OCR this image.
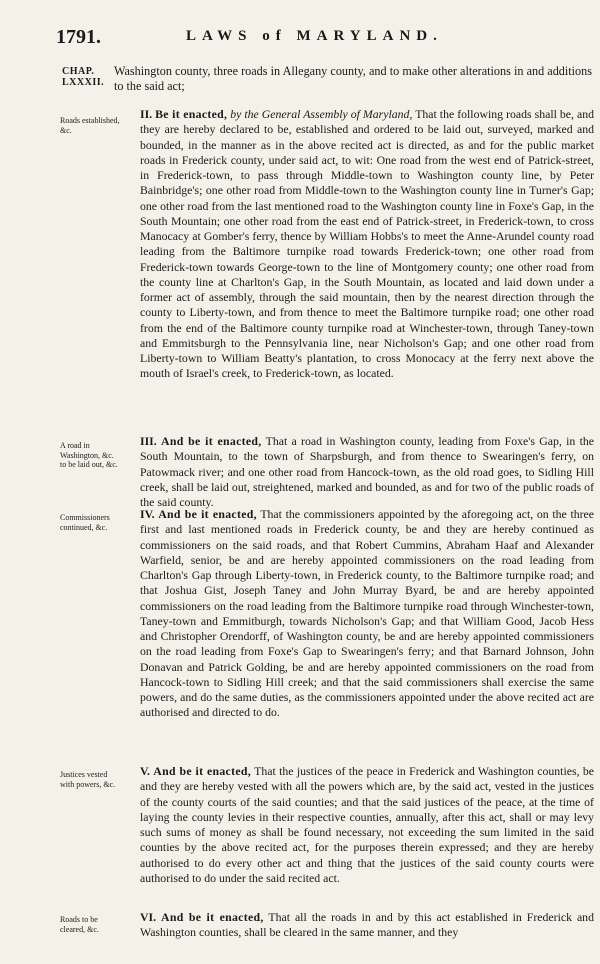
1791.	LAWS of MARYLAND.
CHAP.
LXXXII.
Washington county, three roads in Allegany county, and to make other alterations in and additions to the said act;
Roads established, &c.
II. Be it enacted, by the General Assembly of Maryland, That the following roads shall be, and they are hereby declared to be, established and ordered to be laid out, surveyed, marked and bounded, in the manner as in the above recited act is directed, as and for the public market roads in Frederick county, under said act, to wit: One road from the west end of Patrick-street, in Frederick-town, to pass through Middle-town to Washington county line, by Peter Bainbridge's; one other road from Middle-town to the Washington county line in Turner's Gap; one other road from the last mentioned road to the Washington county line in Foxe's Gap, in the South Mountain; one other road from the east end of Patrick-street, in Frederick-town, to cross Manocacy at Gomber's ferry, thence by William Hobbs's to meet the Anne-Arundel county road leading from the Baltimore turnpike road towards Frederick-town; one other road from Frederick-town towards George-town to the line of Montgomery county; one other road from the county line at Charlton's Gap, in the South Mountain, as located and laid down under a former act of assembly, through the said mountain, then by the nearest direction through the county to Liberty-town, and from thence to meet the Baltimore turnpike road; one other road from the end of the Baltimore county turnpike road at Winchester-town, through Taney-town and Emmitsburgh to the Pennsylvania line, near Nicholson's Gap; and one other road from Liberty-town to William Beatty's plantation, to cross Monocacy at the ferry next above the mouth of Israel's creek, to Frederick-town, as located.
A road in Washington, &c. to be laid out, &c.
III. And be it enacted, That a road in Washington county, leading from Foxe's Gap, in the South Mountain, to the town of Sharpsburgh, and from thence to Swearingen's ferry, on Patowmack river; and one other road from Hancock-town, as the old road goes, to Sidling Hill creek, shall be laid out, streightened, marked and bounded, as and for two of the public roads of the said county.
Commissioners continued, &c.
IV. And be it enacted, That the commissioners appointed by the aforegoing act, on the three first and last mentioned roads in Frederick county, be and they are hereby continued as commissioners on the said roads, and that Robert Cummins, Abraham Haaf and Alexander Warfield, senior, be and are hereby appointed commissioners on the road leading from Charlton's Gap through Liberty-town, in Frederick county, to the Baltimore turnpike road; and that Joshua Gist, Joseph Taney and John Murray Byard, be and are hereby appointed commissioners on the road leading from the Baltimore turnpike road through Winchester-town, Taney-town and Emmitburgh, towards Nicholson's Gap; and that William Good, Jacob Hess and Christopher Orendorff, of Washington county, be and are hereby appointed commissioners on the road leading from Foxe's Gap to Swearingen's ferry; and that Barnard Johnson, John Donavan and Patrick Golding, be and are hereby appointed commissioners on the road from Hancock-town to Sidling Hill creek; and that the said commissioners shall exercise the same powers, and do the same duties, as the commissioners appointed under the above recited act are authorised and directed to do.
Justices vested with powers, &c.
V. And be it enacted, That the justices of the peace in Frederick and Washington counties, be and they are hereby vested with all the powers which are, by the said act, vested in the justices of the county courts of the said counties; and that the said justices of the peace, at the time of laying the county levies in their respective counties, annually, after this act, shall or may levy such sums of money as shall be found necessary, not exceeding the sum limited in the said counties by the above recited act, for the purposes therein expressed; and they are hereby authorised to do every other act and thing that the justices of the said county courts were authorised to do under the said recited act.
Roads to be cleared, &c.
VI. And be it enacted, That all the roads in and by this act established in Frederick and Washington counties, shall be cleared in the same manner, and they
